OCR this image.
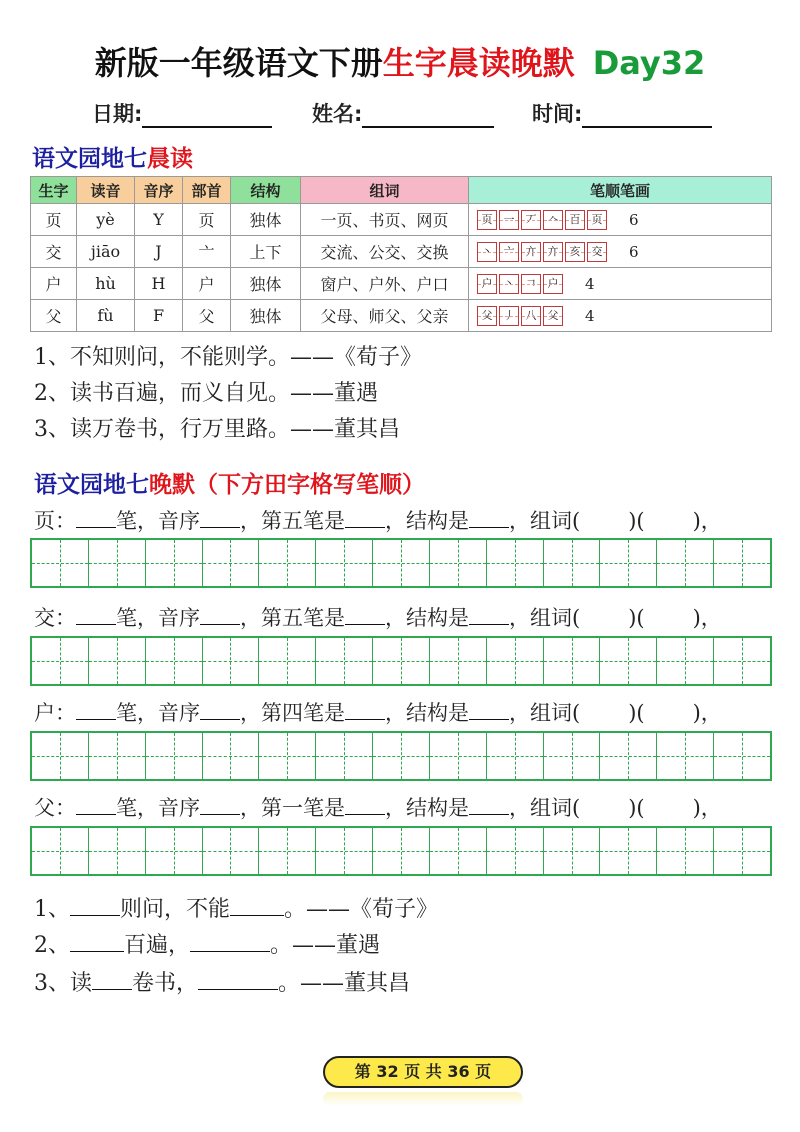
新版一年级语文下册生字晨读晚默 Day32
日期:	姓名:	时间:
语文园地七晨读
生字	读音	音序	部首	结构	组词	笔顺笔画
页	yè	Y	页	独体	一页、书页、网页	页 一 丆 𠆢 百 页 6
交	jiāo	J	亠	上下	交流、公交、交换	丶 亠 亣 亣 亥 交 6
户	hù	H	户	独体	窗户、户外、户口	户 丶 𠃍 户 4
父	fù	F	父	独体	父母、师父、父亲	父 丿 八 父 4
1、不知则问，不能则学。——《荀子》
2、读书百遍，而义自见。——董遇
3、读万卷书，行万里路。——董其昌
语文园地七晚默（下方田字格写笔顺）
页： 笔，音序 ，第五笔是 ，结构是 ，组词( )( )，
交： 笔，音序 ，第五笔是 ，结构是 ，组词( )( )，
户： 笔，音序 ，第四笔是 ，结构是 ，组词( )( )，
父： 笔，音序 ，第一笔是 ，结构是 ，组词( )( )，
1、 则问，不能 。——《荀子》
2、 百遍，	。——董遇
3、读 卷书，	。——董其昌
第 32 页 共 36 页
